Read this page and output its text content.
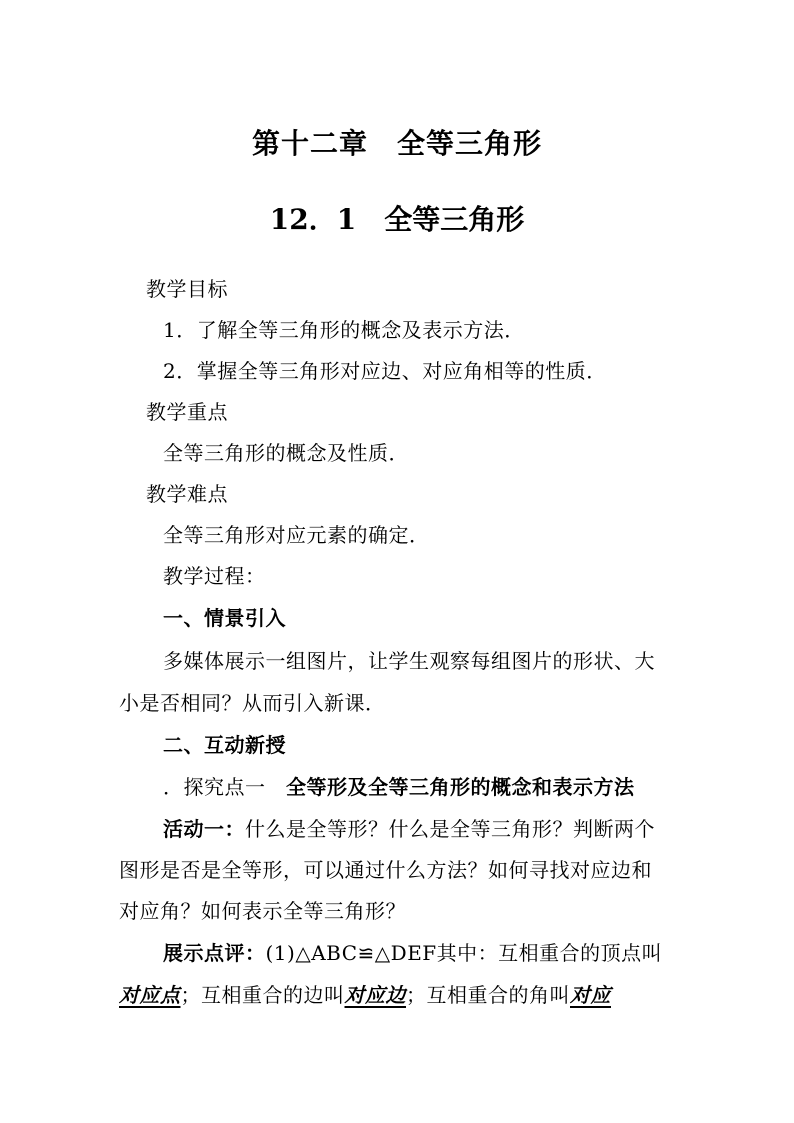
第十二章　全等三角形
12．1　全等三角形
教学目标
1．了解全等三角形的概念及表示方法．
2．掌握全等三角形对应边、对应角相等的性质．
教学重点
全等三角形的概念及性质．
教学难点
全等三角形对应元素的确定．
教学过程：
一、情景引入
多媒体展示一组图片，让学生观察每组图片的形状、大
小是否相同？从而引入新课．
二、互动新授
．探究点一　全等形及全等三角形的概念和表示方法
活动一：什么是全等形？什么是全等三角形？判断两个
图形是否是全等形，可以通过什么方法？如何寻找对应边和
对应角？如何表示全等三角形？
展示点评：(1)△ABC≌△DEF其中：互相重合的顶点叫
对应点；互相重合的边叫对应边；互相重合的角叫对应
